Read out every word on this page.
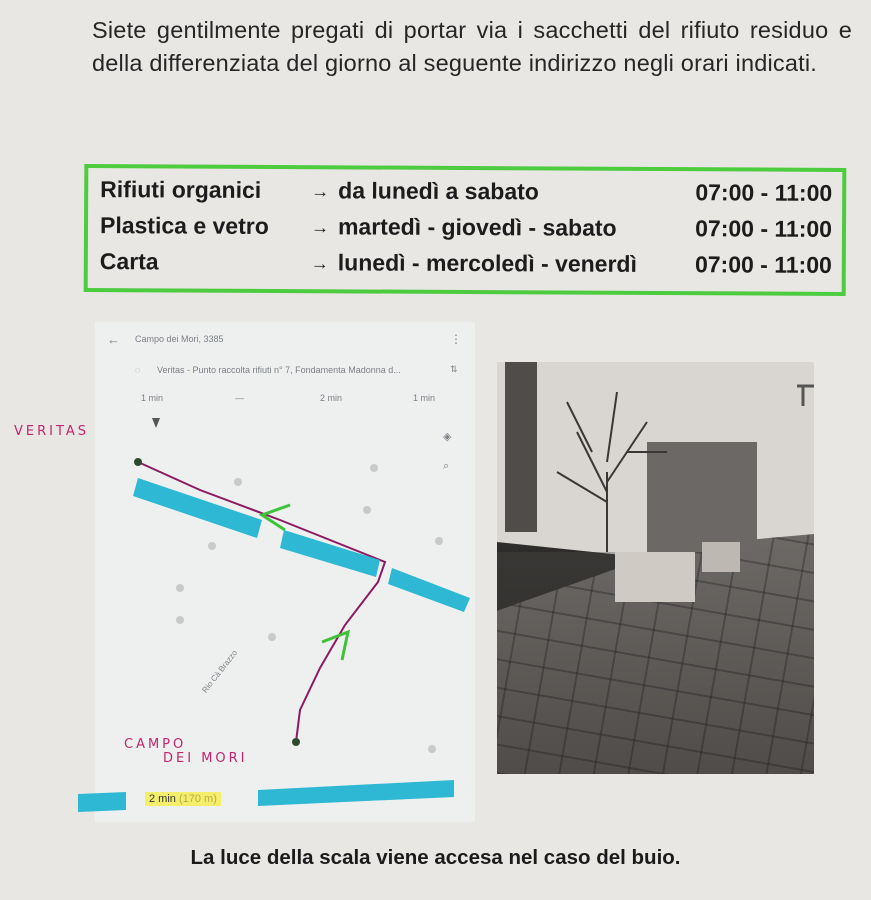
Siete gentilmente pregati di portar via i sacchetti del rifiuto residuo e della differenziata del giorno al seguente indirizzo negli orari indicati.
Rifiuti organici	→ da lunedì a sabato	07:00 - 11:00
Plastica e vetro → martedì - giovedì - sabato	07:00 - 11:00
Carta	→ lunedì - mercoledì - venerdì	07:00 - 11:00
← Campo dei Mori, 3385	⋮
◌ Veritas - Punto raccolta rifiuti n° 7, Fondamenta Madonna d...	⇅
1 min	—	2 min	1 min
Rio Cà Brazzo
◈
⌕
VERITAS
CAMPO
DEI MORI
2 min (170 m)
La luce della scala viene accesa nel caso del buio.
